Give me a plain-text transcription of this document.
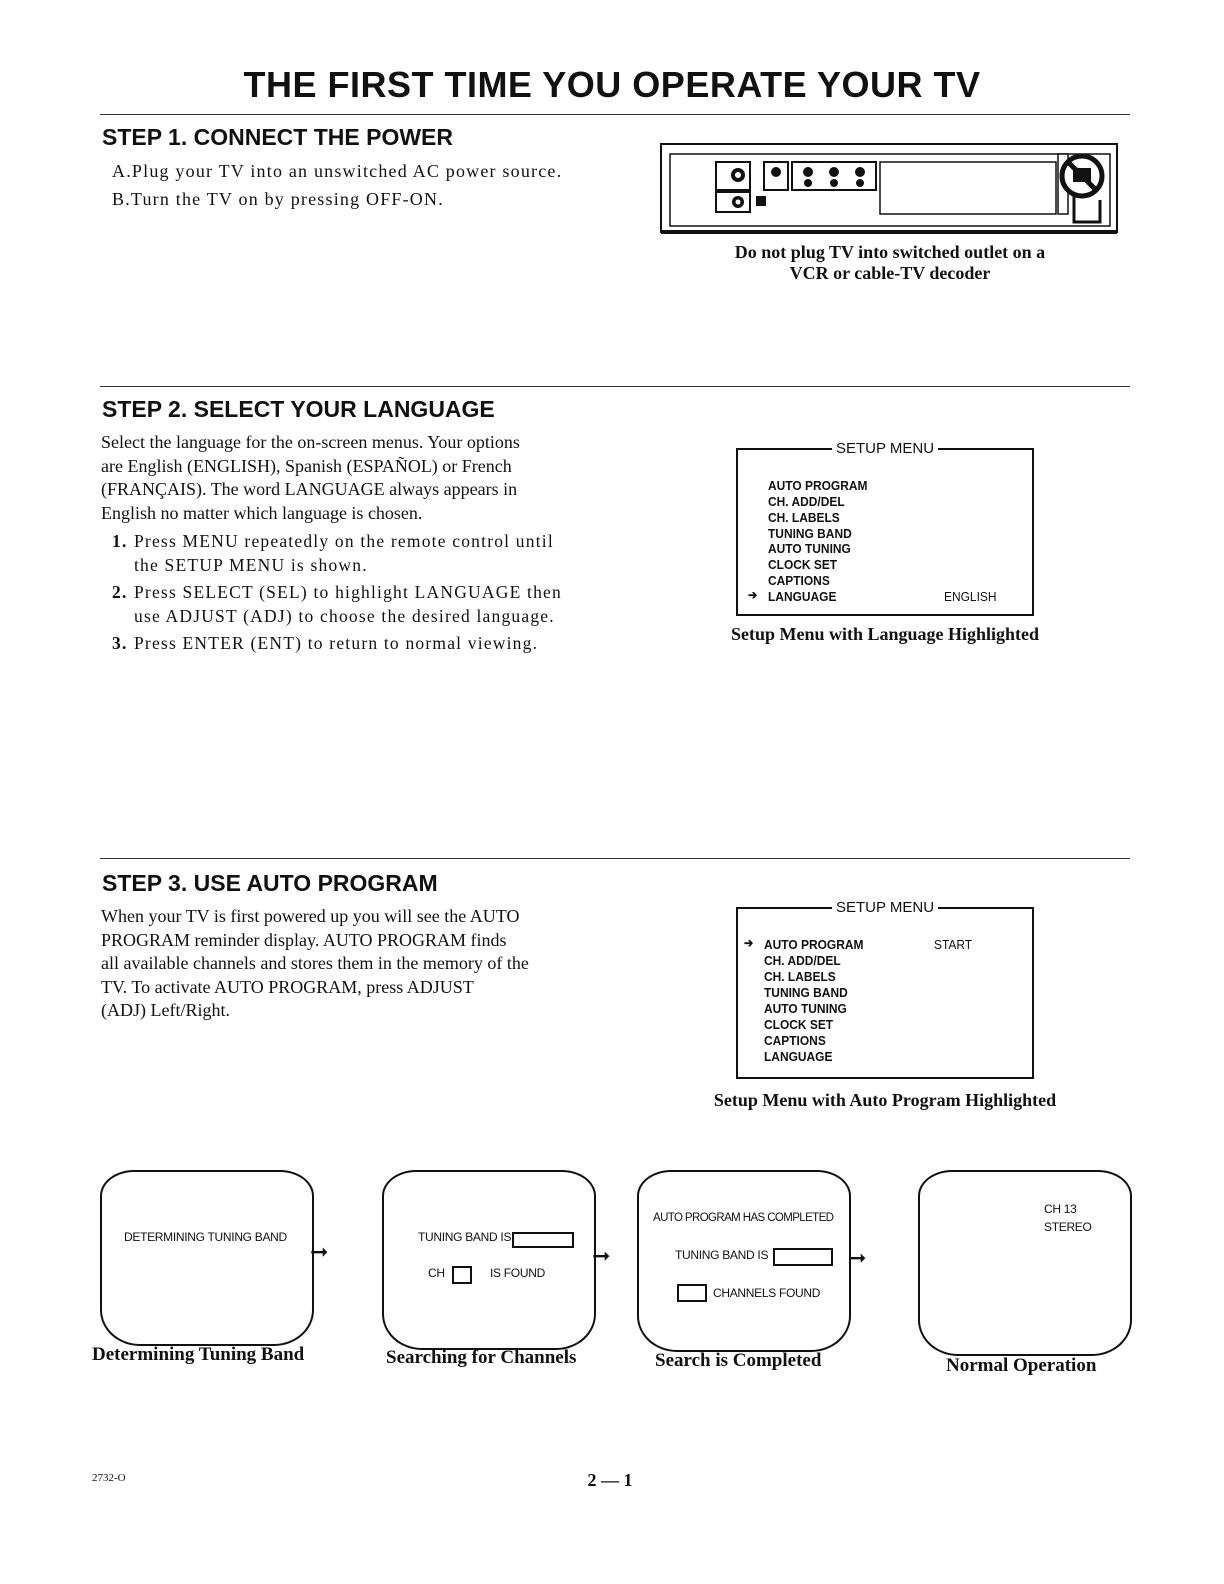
THE FIRST TIME YOU OPERATE YOUR TV
STEP 1. CONNECT THE POWER
A.Plug your TV into an unswitched AC power source.
B.Turn the TV on by pressing OFF-ON.
Do not plug TV into switched outlet on a
VCR or cable-TV decoder
STEP 2. SELECT YOUR LANGUAGE
Select the language for the on-screen menus. Your options
are English (ENGLISH), Spanish (ESPAÑOL) or French
(FRANÇAIS). The word LANGUAGE always appears in
English no matter which language is chosen.
1. Press MENU repeatedly on the remote control until
the SETUP MENU is shown.
2. Press SELECT (SEL) to highlight LANGUAGE then
use ADJUST (ADJ) to choose the desired language.
3. Press ENTER (ENT) to return to normal viewing.
SETUP MENU
AUTO PROGRAM
CH. ADD/DEL
CH. LABELS
TUNING BAND
AUTO TUNING
CLOCK SET
CAPTIONS
➔ LANGUAGE	ENGLISH
Setup Menu with Language Highlighted
STEP 3. USE AUTO PROGRAM
When your TV is first powered up you will see the AUTO
PROGRAM reminder display. AUTO PROGRAM finds
all available channels and stores them in the memory of the
TV. To activate AUTO PROGRAM, press ADJUST
(ADJ) Left/Right.
SETUP MENU
➔ AUTO PROGRAM	START
CH. ADD/DEL
CH. LABELS
TUNING BAND
AUTO TUNING
CLOCK SET
CAPTIONS
LANGUAGE
Setup Menu with Auto Program Highlighted
DETERMINING TUNING BAND
➞
Determining Tuning Band
TUNING BAND IS
CH	IS FOUND
➞
Searching for Channels
AUTO PROGRAM HAS COMPLETED
TUNING BAND IS
CHANNELS FOUND
➞
Search is Completed
CH 13
STEREO
Normal Operation
2732-O	2 — 1
